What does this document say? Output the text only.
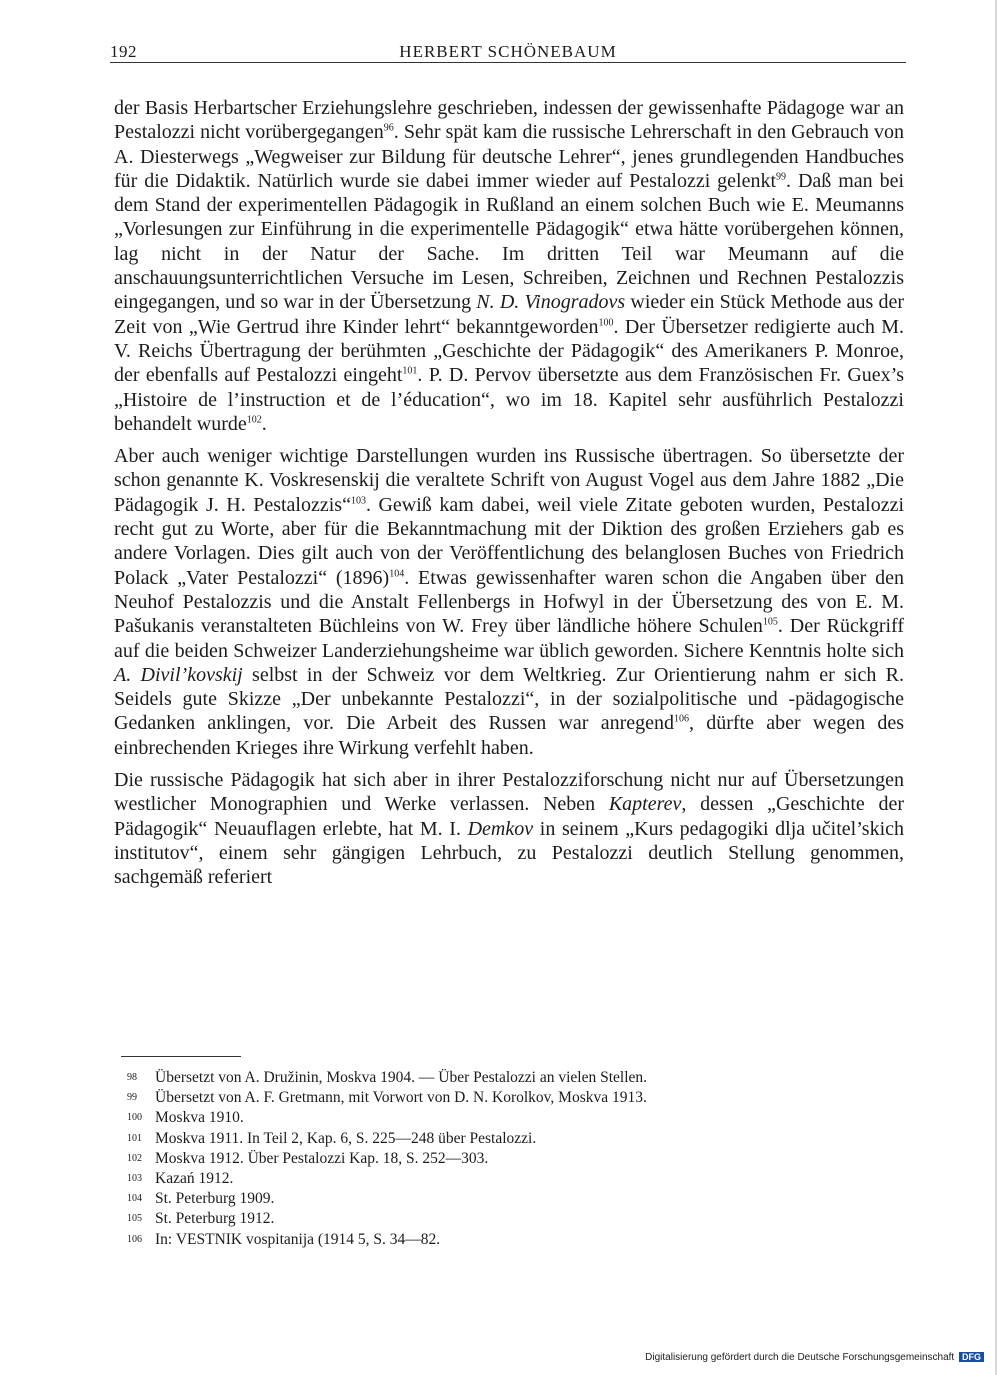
192	HERBERT SCHÖNEBAUM

der Basis Herbartscher Erziehungslehre geschrieben, indessen der gewissenhafte Pädagoge war an Pestalozzi nicht vorübergegangen$^{96}$. Sehr spät kam die russische Lehrerschaft in den Gebrauch von A. Diesterwegs „Wegweiser zur Bildung für deutsche Lehrer“, jenes grundlegenden Handbuches für die Didaktik. Natürlich wurde sie dabei immer wieder auf Pestalozzi gelenkt$^{99}$. Daß man bei dem Stand der experimentellen Pädagogik in Rußland an einem solchen Buch wie E. Meumanns „Vorlesungen zur Einführung in die experimentelle Pädagogik“ etwa hätte vorübergehen können, lag nicht in der Natur der Sache. Im dritten Teil war Meumann auf die anschauungsunterrichtlichen Versuche im Lesen, Schreiben, Zeichnen und Rechnen Pestalozzis eingegangen, und so war in der Übersetzung N. D. Vinogradovs wieder ein Stück Methode aus der Zeit von „Wie Gertrud ihre Kinder lehrt“ bekanntgeworden$^{100}$. Der Übersetzer redigierte auch M. V. Reichs Übertragung der berühmten „Geschichte der Pädagogik“ des Amerikaners P. Monroe, der ebenfalls auf Pestalozzi eingeht$^{101}$. P. D. Pervov übersetzte aus dem Französischen Fr. Guex’s „Histoire de l’instruction et de l’éducation“, wo im 18. Kapitel sehr ausführlich Pestalozzi behandelt wurde$^{102}$.

Aber auch weniger wichtige Darstellungen wurden ins Russische übertragen. So übersetzte der schon genannte K. Voskresenskij die veraltete Schrift von August Vogel aus dem Jahre 1882 „Die Pädagogik J. H. Pestalozzis“$^{103}$. Gewiß kam dabei, weil viele Zitate geboten wurden, Pestalozzi recht gut zu Worte, aber für die Bekanntmachung mit der Diktion des großen Erziehers gab es andere Vorlagen. Dies gilt auch von der Veröffentlichung des belanglosen Buches von Friedrich Polack „Vater Pestalozzi“ (1896)$^{104}$. Etwas gewissenhafter waren schon die Angaben über den Neuhof Pestalozzis und die Anstalt Fellenbergs in Hofwyl in der Übersetzung des von E. M. Pašukanis veranstalteten Büchleins von W. Frey über ländliche höhere Schulen$^{105}$. Der Rückgriff auf die beiden Schweizer Landerziehungsheime war üblich geworden. Sichere Kenntnis holte sich A. Divil’kovskij selbst in der Schweiz vor dem Weltkrieg. Zur Orientierung nahm er sich R. Seidels gute Skizze „Der unbekannte Pestalozzi“, in der sozialpolitische und -pädagogische Gedanken anklingen, vor. Die Arbeit des Russen war anregend$^{106}$, dürfte aber wegen des einbrechenden Krieges ihre Wirkung verfehlt haben.

Die russische Pädagogik hat sich aber in ihrer Pestalozziforschung nicht nur auf Übersetzungen westlicher Monographien und Werke verlassen. Neben Kapterev, dessen „Geschichte der Pädagogik“ Neuauflagen erlebte, hat M. I. Demkov in seinem „Kurs pedagogiki dlja učitel’skich institutov“, einem sehr gängigen Lehrbuch, zu Pestalozzi deutlich Stellung genommen, sachgemäß referiert

98 Übersetzt von A. Družinin, Moskva 1904. — Über Pestalozzi an vielen Stellen.
99 Übersetzt von A. F. Gretmann, mit Vorwort von D. N. Korolkov, Moskva 1913.
100 Moskva 1910.
101 Moskva 1911. In Teil 2, Kap. 6, S. 225—248 über Pestalozzi.
102 Moskva 1912. Über Pestalozzi Kap. 18, S. 252—303.
103 Kazań 1912.
104 St. Peterburg 1909.
105 St. Peterburg 1912.
106 In: VESTNIK vospitanija (1914 5, S. 34—82.
Digitalisierung gefördert durch die Deutsche Forschungsgemeinschaft DFG
